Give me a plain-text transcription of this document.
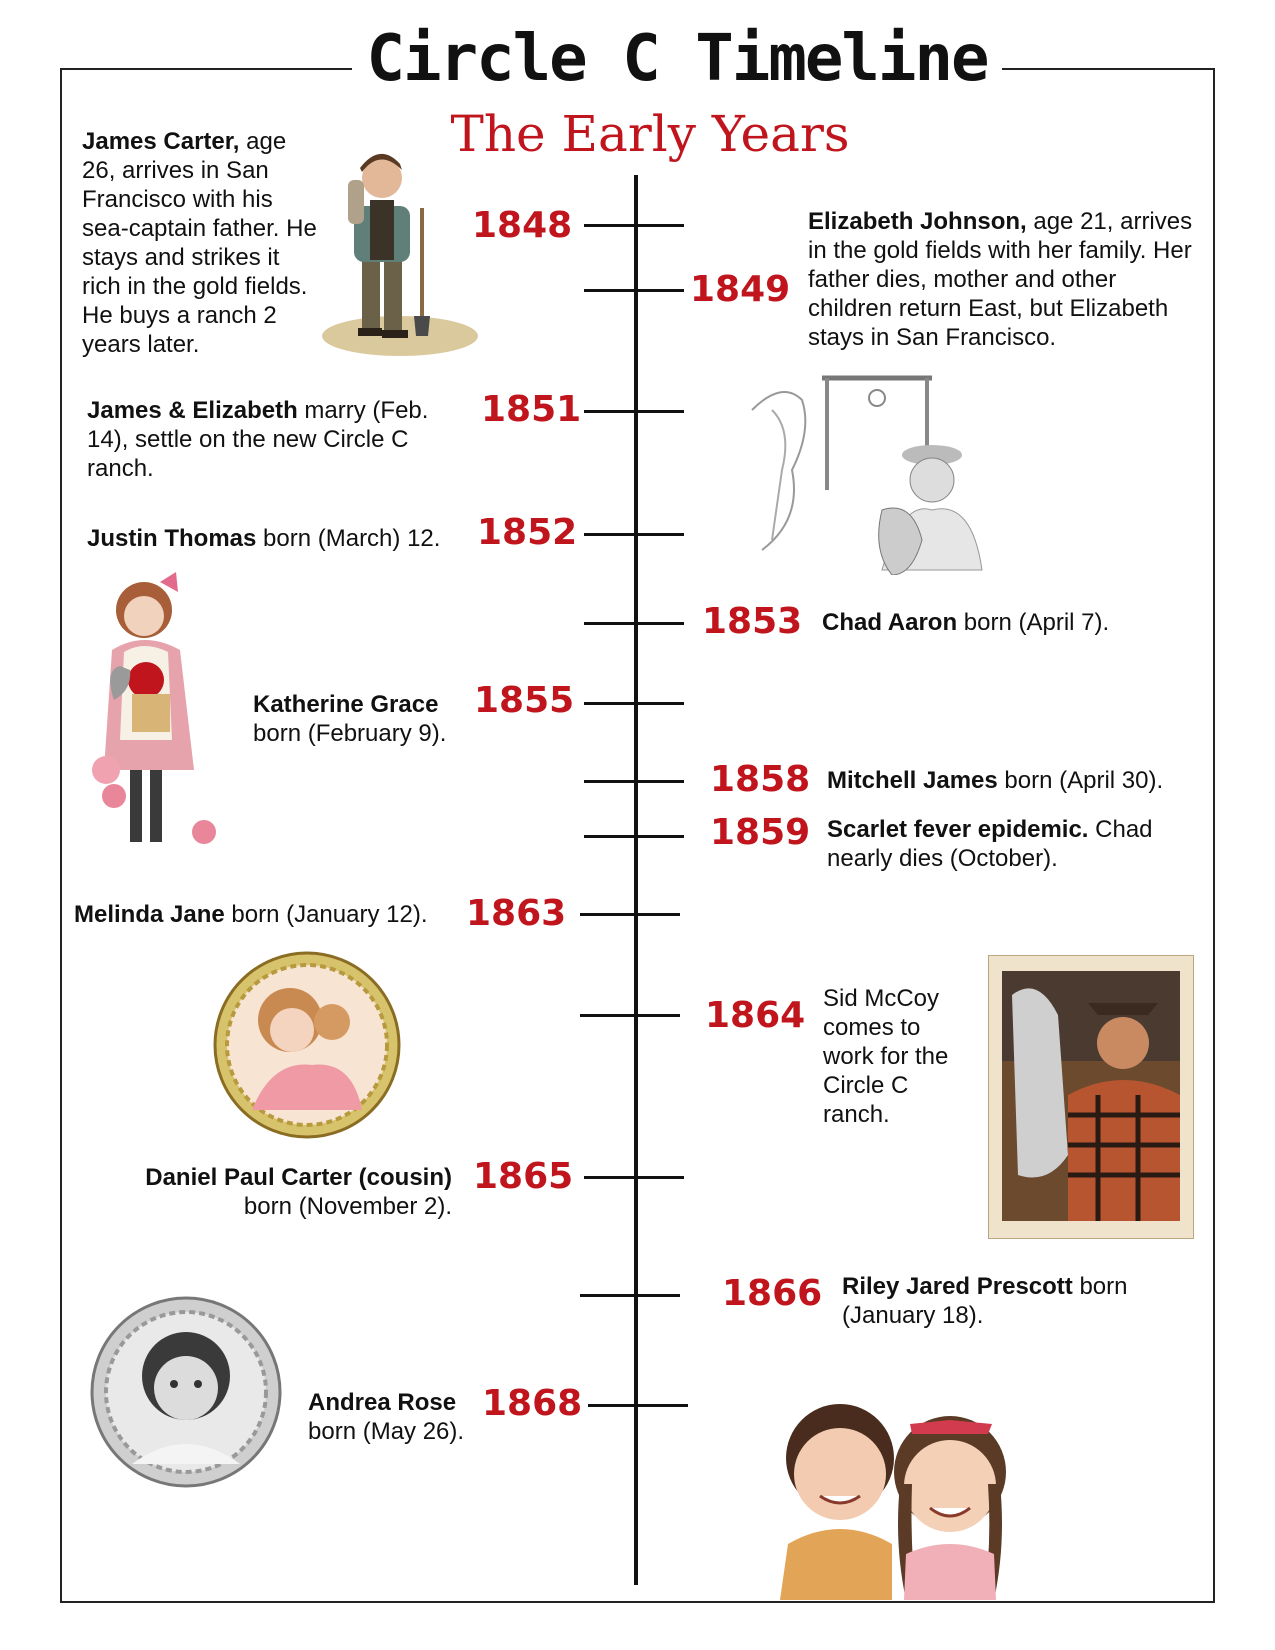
Circle C Timeline
The Early Years
1848
1849
1851
1852
1853
1855
1858
1859
1863
1864
1865
1866
1868
James Carter, age 26, arrives in San Francisco with his sea-captain father. He stays and strikes it rich in the gold fields. He buys a ranch 2 years later.
Elizabeth Johnson, age 21, arrives in the gold fields with her family. Her father dies, mother and other children return East, but Elizabeth stays in San Francisco.
James & Elizabeth marry (Feb. 14), settle on the new Circle C ranch.
Justin Thomas born (March) 12.
Chad Aaron born (April 7).
Katherine Grace
born (February 9).
Mitchell James born (April 30).
Scarlet fever epidemic. Chad nearly dies (October).
Melinda Jane born (January 12).
Sid McCoy comes to work for the Circle C ranch.
Daniel Paul Carter (cousin)
born (November 2).
Riley Jared Prescott born (January 18).
Andrea Rose
born (May 26).
